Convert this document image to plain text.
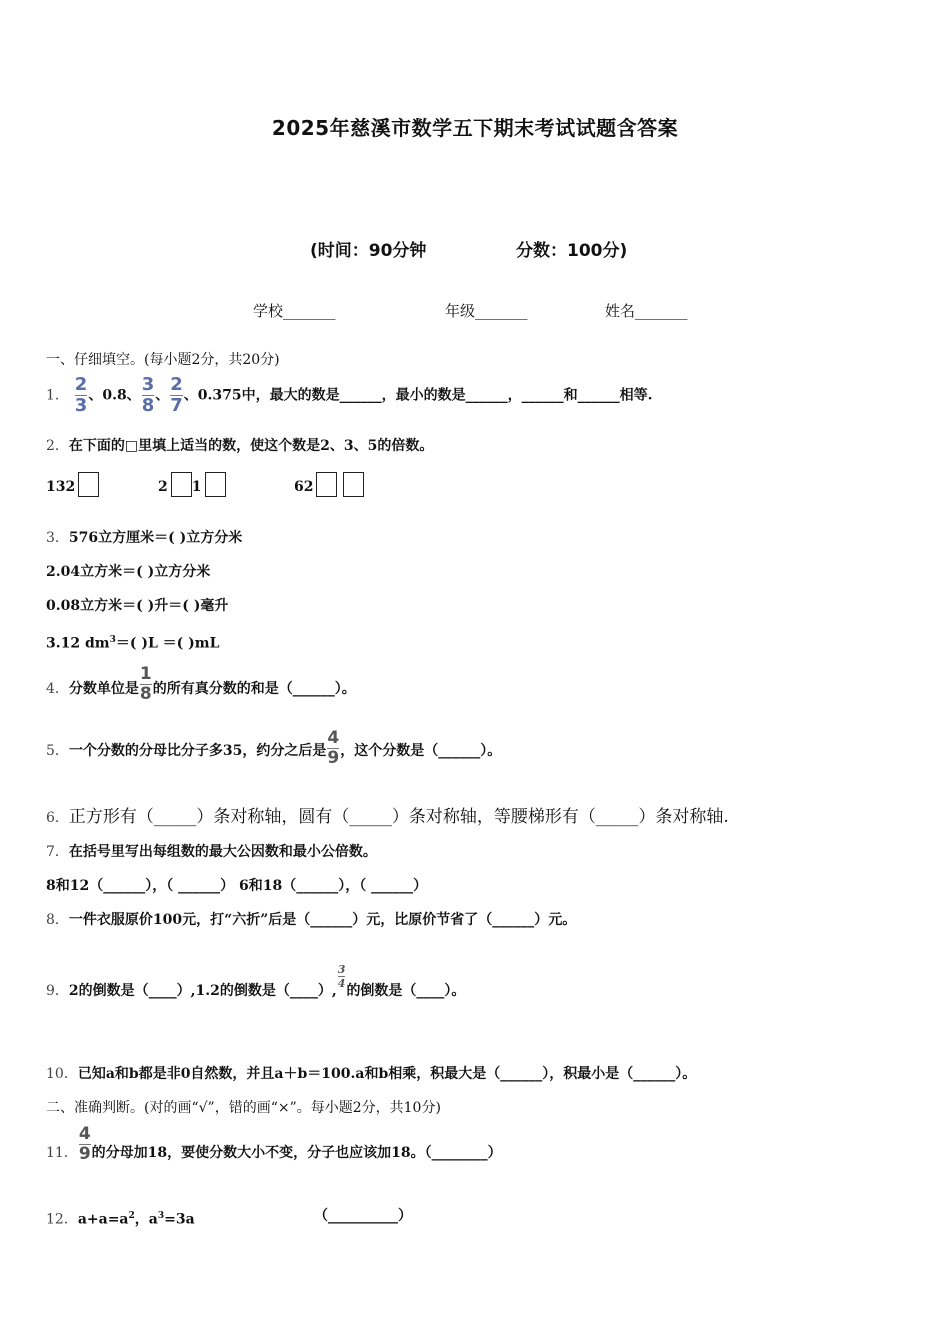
2025年慈溪市数学五下期末考试试题含答案
(时间：90分钟	分数：100分)
学校_______	年级_______	姓名_______
一、仔细填空。(每小题2分，共20分)
1． $\frac{2}{3}$ 、0.8、 $\frac{3}{8}$ 、 $\frac{2}{7}$ 、0.375中，最大的数是______，最小的数是______，______和______相等.
2．在下面的□里填上适当的数，使这个数是2、3、5的倍数。
132	2 1	62
3．576立方厘米＝( )立方分米
2.04立方米＝( )立方分米
0.08立方米＝( )升＝( )毫升
3.12 $dm^3=$( )L ＝( )mL
4．分数单位是 $\frac{1}{8}$ 的所有真分数的和是（______）。
5．一个分数的分母比分子多35，约分之后是 $\frac{4}{9}$ ，这个分数是（______）。
6．正方形有（_____）条对称轴，圆有（_____）条对称轴，等腰梯形有（_____）条对称轴.
7．在括号里写出每组数的最大公因数和最小公倍数。
8和12（______），（ ______） 6和18（______），（ ______）
8．一件衣服原价100元，打“六折”后是（______）元，比原价节省了（______）元。
9．2的倒数是（____）,1.2的倒数是（____）,
$\frac{3}{4}$
的倒数是（____）。
10．已知a和b都是非0自然数，并且a＋b＝100.a和b相乘，积最大是（______），积最小是（______）。
二、准确判断。(对的画“√”，错的画“×”。每小题2分，共10分)
11． $\frac{4}{9}$ 的分母加18，要使分数大小不变，分子也应该加18。（________）
12．$a+a=a^2$，$a^3=3a$	（__________）
